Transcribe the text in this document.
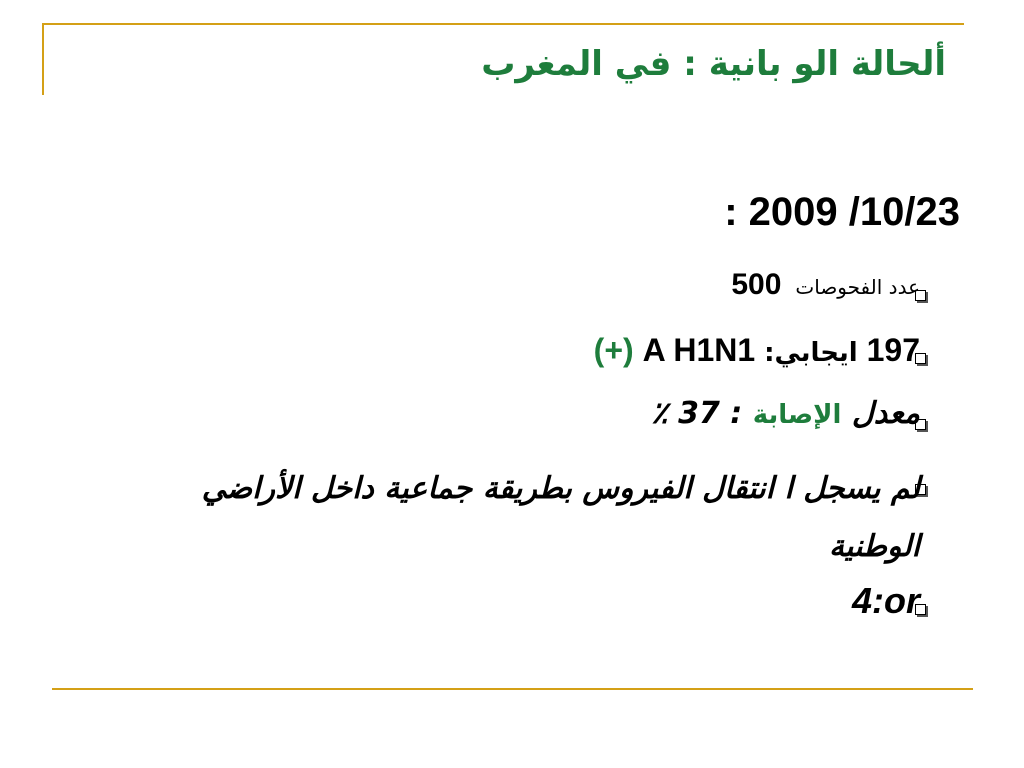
ألحالة الو بانية : في المغرب
: 2009 /10/23
عدد الفحوصات500
197 ايجابي: A H1N1 (+)
معدل الإصابة : 37 ٪
لم يسجل ا انتقال الفيروس بطريقة جماعية داخل الأراضي الوطنية
4:or
